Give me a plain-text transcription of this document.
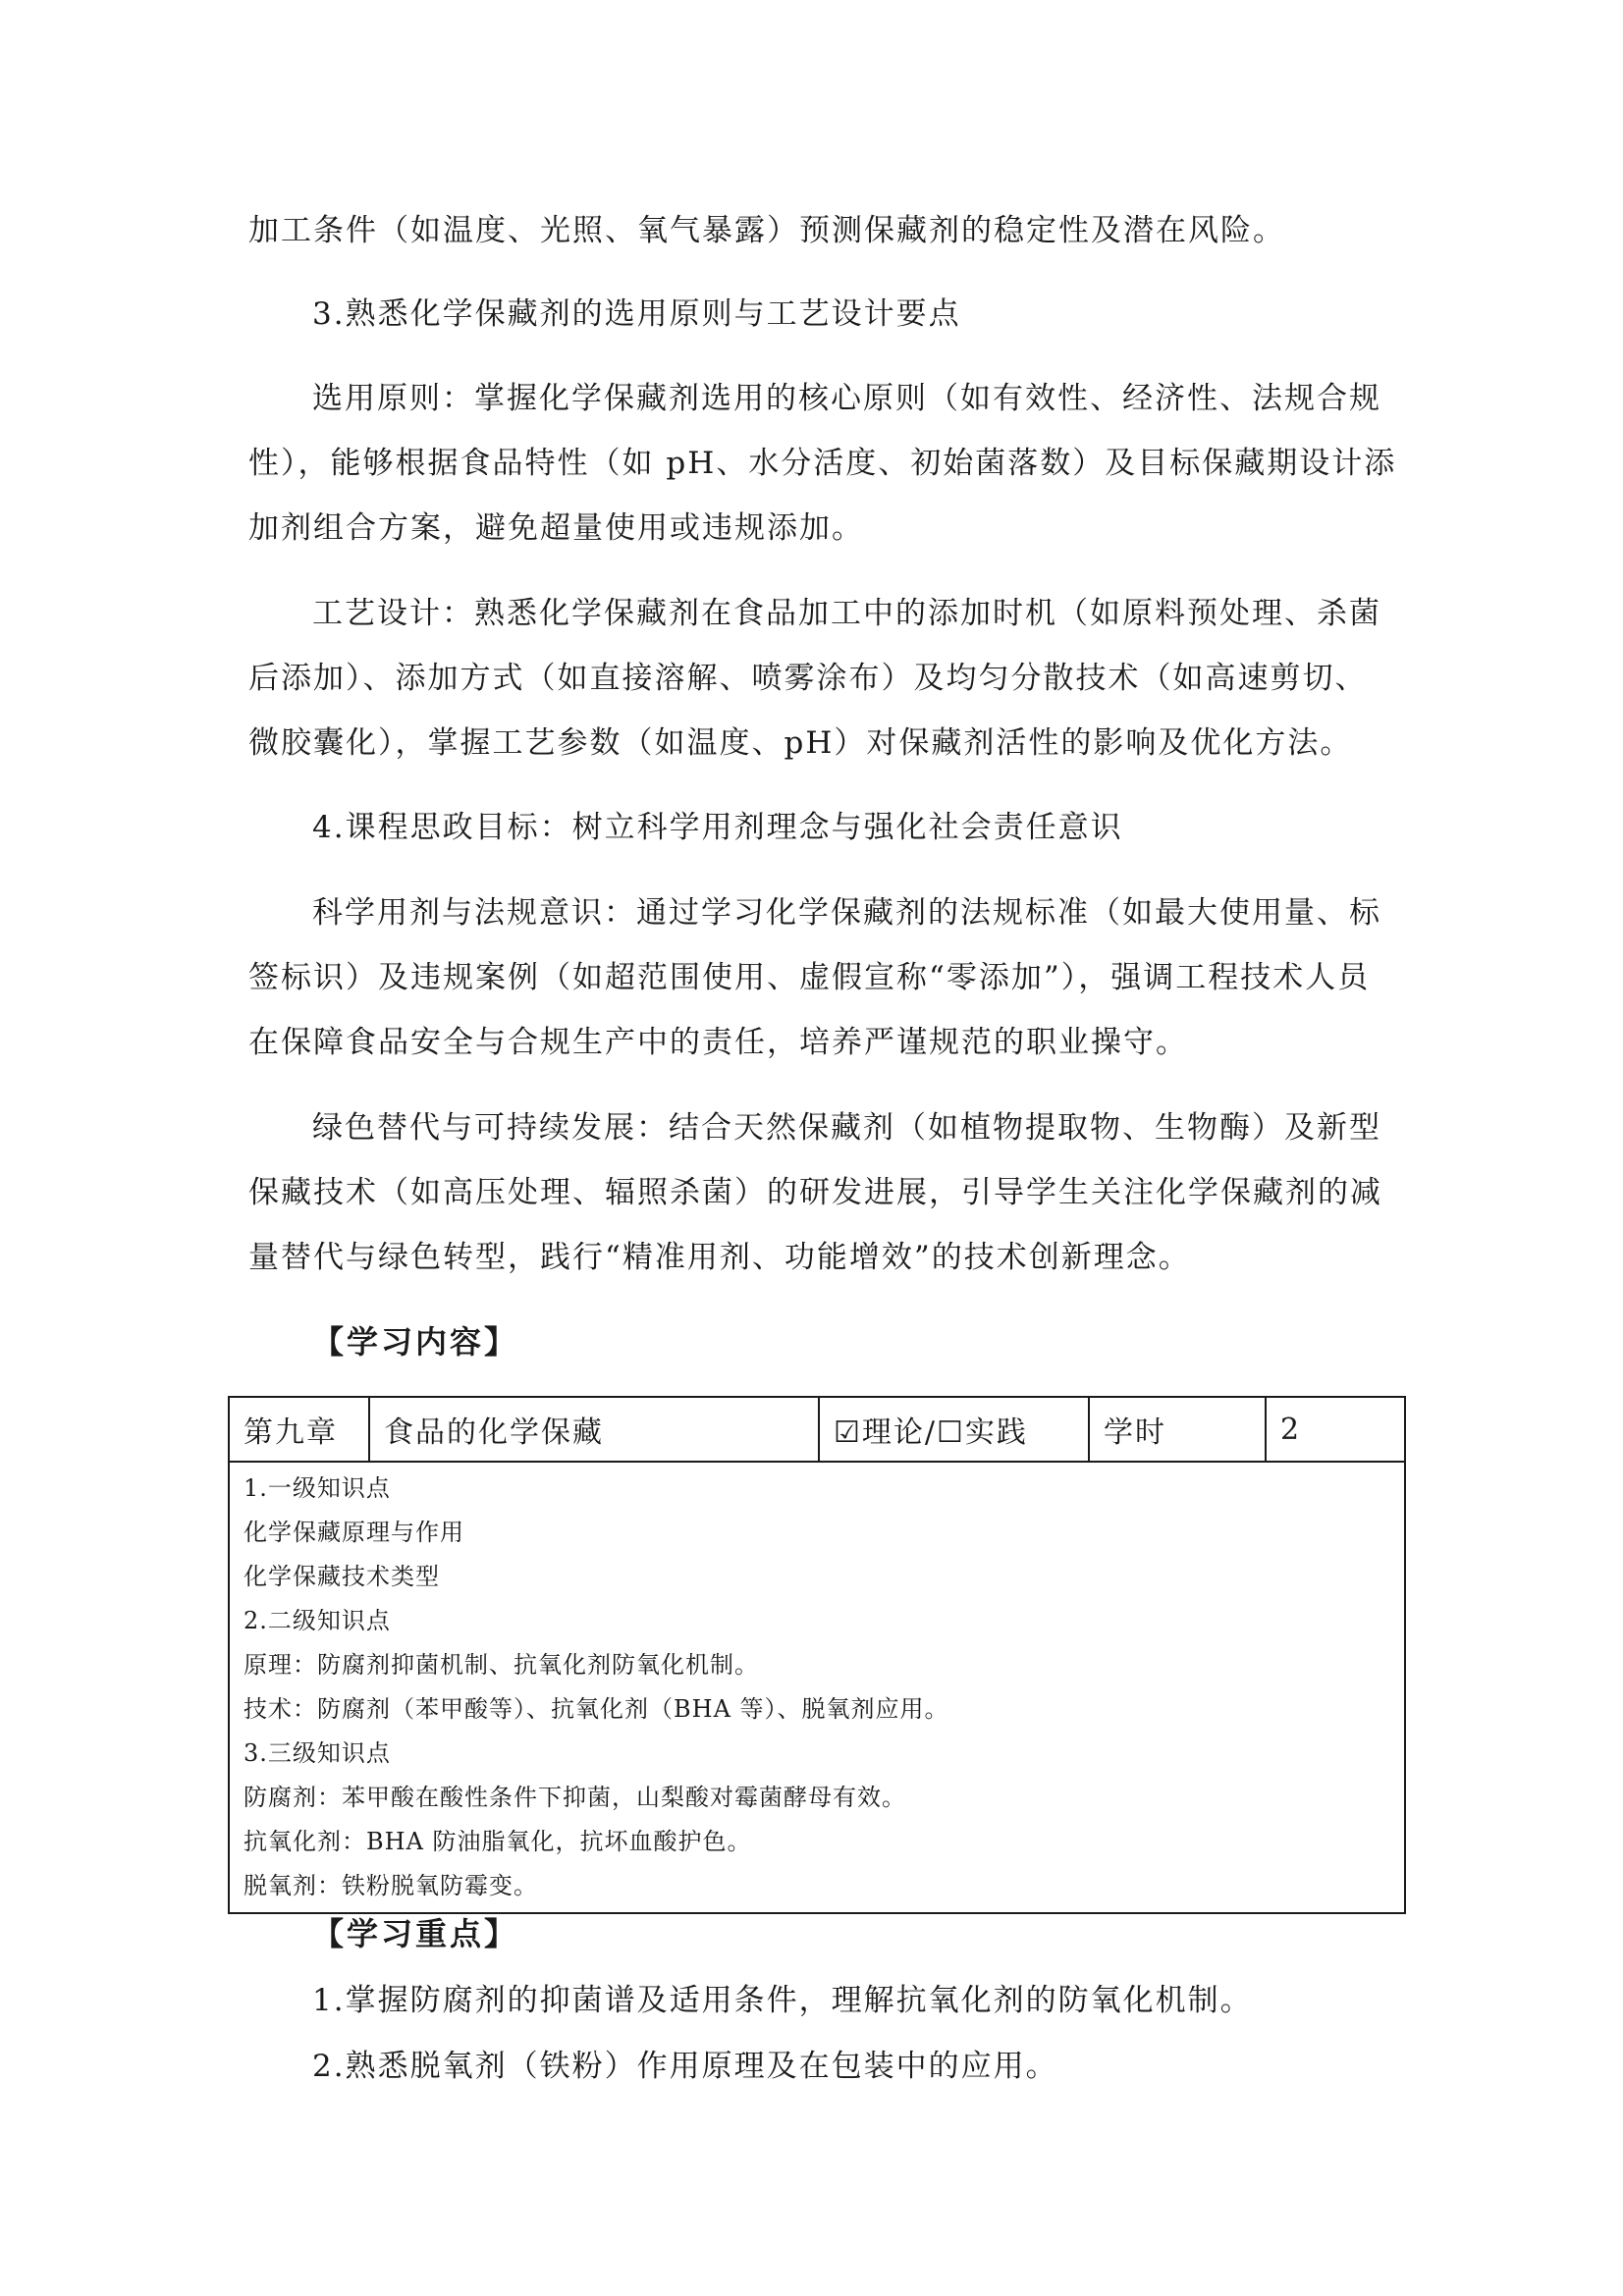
加工条件（如温度、光照、氧气暴露）预测保藏剂的稳定性及潜在风险。
3.熟悉化学保藏剂的选用原则与工艺设计要点
选用原则：掌握化学保藏剂选用的核心原则（如有效性、经济性、法规合规
性），能够根据食品特性（如 pH、水分活度、初始菌落数）及目标保藏期设计添
加剂组合方案，避免超量使用或违规添加。
工艺设计：熟悉化学保藏剂在食品加工中的添加时机（如原料预处理、杀菌
后添加）、添加方式（如直接溶解、喷雾涂布）及均匀分散技术（如高速剪切、
微胶囊化），掌握工艺参数（如温度、pH）对保藏剂活性的影响及优化方法。
4.课程思政目标：树立科学用剂理念与强化社会责任意识
科学用剂与法规意识：通过学习化学保藏剂的法规标准（如最大使用量、标
签标识）及违规案例（如超范围使用、虚假宣称“零添加”），强调工程技术人员
在保障食品安全与合规生产中的责任，培养严谨规范的职业操守。
绿色替代与可持续发展：结合天然保藏剂（如植物提取物、生物酶）及新型
保藏技术（如高压处理、辐照杀菌）的研发进展，引导学生关注化学保藏剂的减
量替代与绿色转型，践行“精准用剂、功能增效”的技术创新理念。
【学习内容】
第九章	食品的化学保藏	☑理论/☐实践	学时	2

1.一级知识点
化学保藏原理与作用
化学保藏技术类型
2.二级知识点
原理：防腐剂抑菌机制、抗氧化剂防氧化机制。
技术：防腐剂（苯甲酸等）、抗氧化剂（BHA 等）、脱氧剂应用。
3.三级知识点
防腐剂：苯甲酸在酸性条件下抑菌，山梨酸对霉菌酵母有效。
抗氧化剂：BHA 防油脂氧化，抗坏血酸护色。
脱氧剂：铁粉脱氧防霉变。
【学习重点】
1.掌握防腐剂的抑菌谱及适用条件，理解抗氧化剂的防氧化机制。
2.熟悉脱氧剂（铁粉）作用原理及在包装中的应用。
